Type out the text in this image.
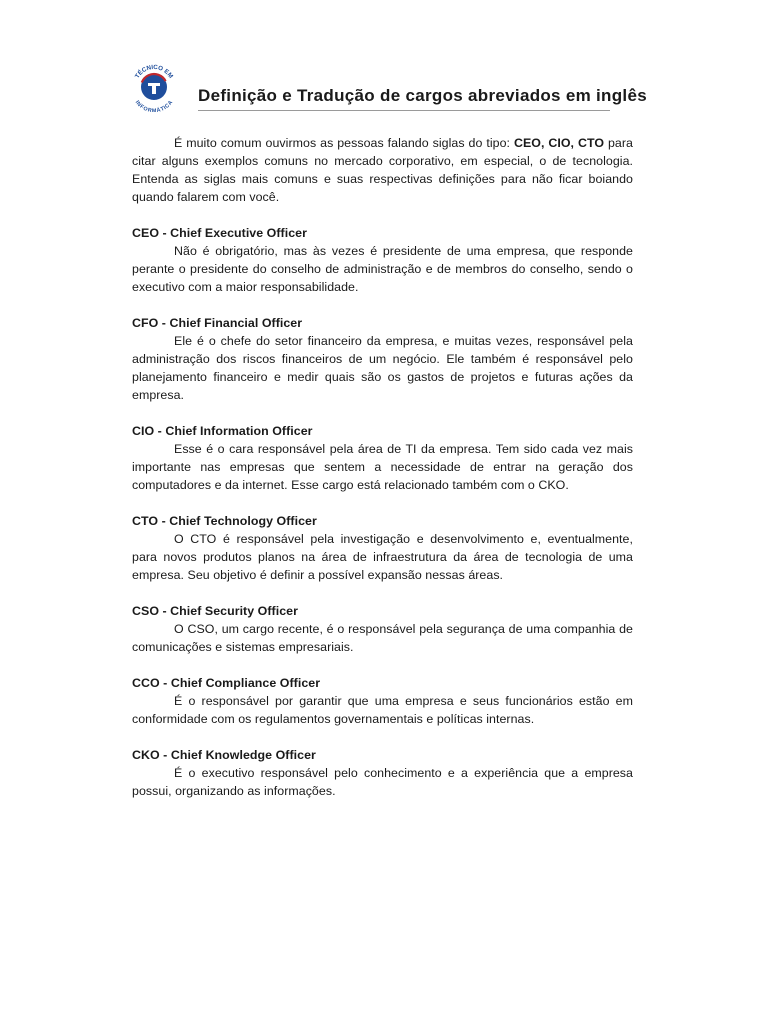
TÉCNICO EM
INFORMÁTICA Definição e Tradução de cargos abreviados em inglês

É muito comum ouvirmos as pessoas falando siglas do tipo: CEO, CIO, CTO para citar alguns exemplos comuns no mercado corporativo, em especial, o de tecnologia. Entenda as siglas mais comuns e suas respectivas definições para não ficar boiando quando falarem com você.

CEO - Chief Executive Officer

Não é obrigatório, mas às vezes é presidente de uma empresa, que responde perante o presidente do conselho de administração e de membros do conselho, sendo o executivo com a maior responsabilidade.

CFO - Chief Financial Officer

Ele é o chefe do setor financeiro da empresa, e muitas vezes, responsável pela administração dos riscos financeiros de um negócio. Ele também é responsável pelo planejamento financeiro e medir quais são os gastos de projetos e futuras ações da empresa.

CIO - Chief Information Officer

Esse é o cara responsável pela área de TI da empresa. Tem sido cada vez mais importante nas empresas que sentem a necessidade de entrar na geração dos computadores e da internet. Esse cargo está relacionado também com o CKO.

CTO - Chief Technology Officer

O CTO é responsável pela investigação e desenvolvimento e, eventualmente, para novos produtos planos na área de infraestrutura da área de tecnologia de uma empresa. Seu objetivo é definir a possível expansão nessas áreas.

CSO - Chief Security Officer

O CSO, um cargo recente, é o responsável pela segurança de uma companhia de comunicações e sistemas empresariais.

CCO - Chief Compliance Officer

É o responsável por garantir que uma empresa e seus funcionários estão em conformidade com os regulamentos governamentais e políticas internas.

CKO - Chief Knowledge Officer

É o executivo responsável pelo conhecimento e a experiência que a empresa possui, organizando as informações.
